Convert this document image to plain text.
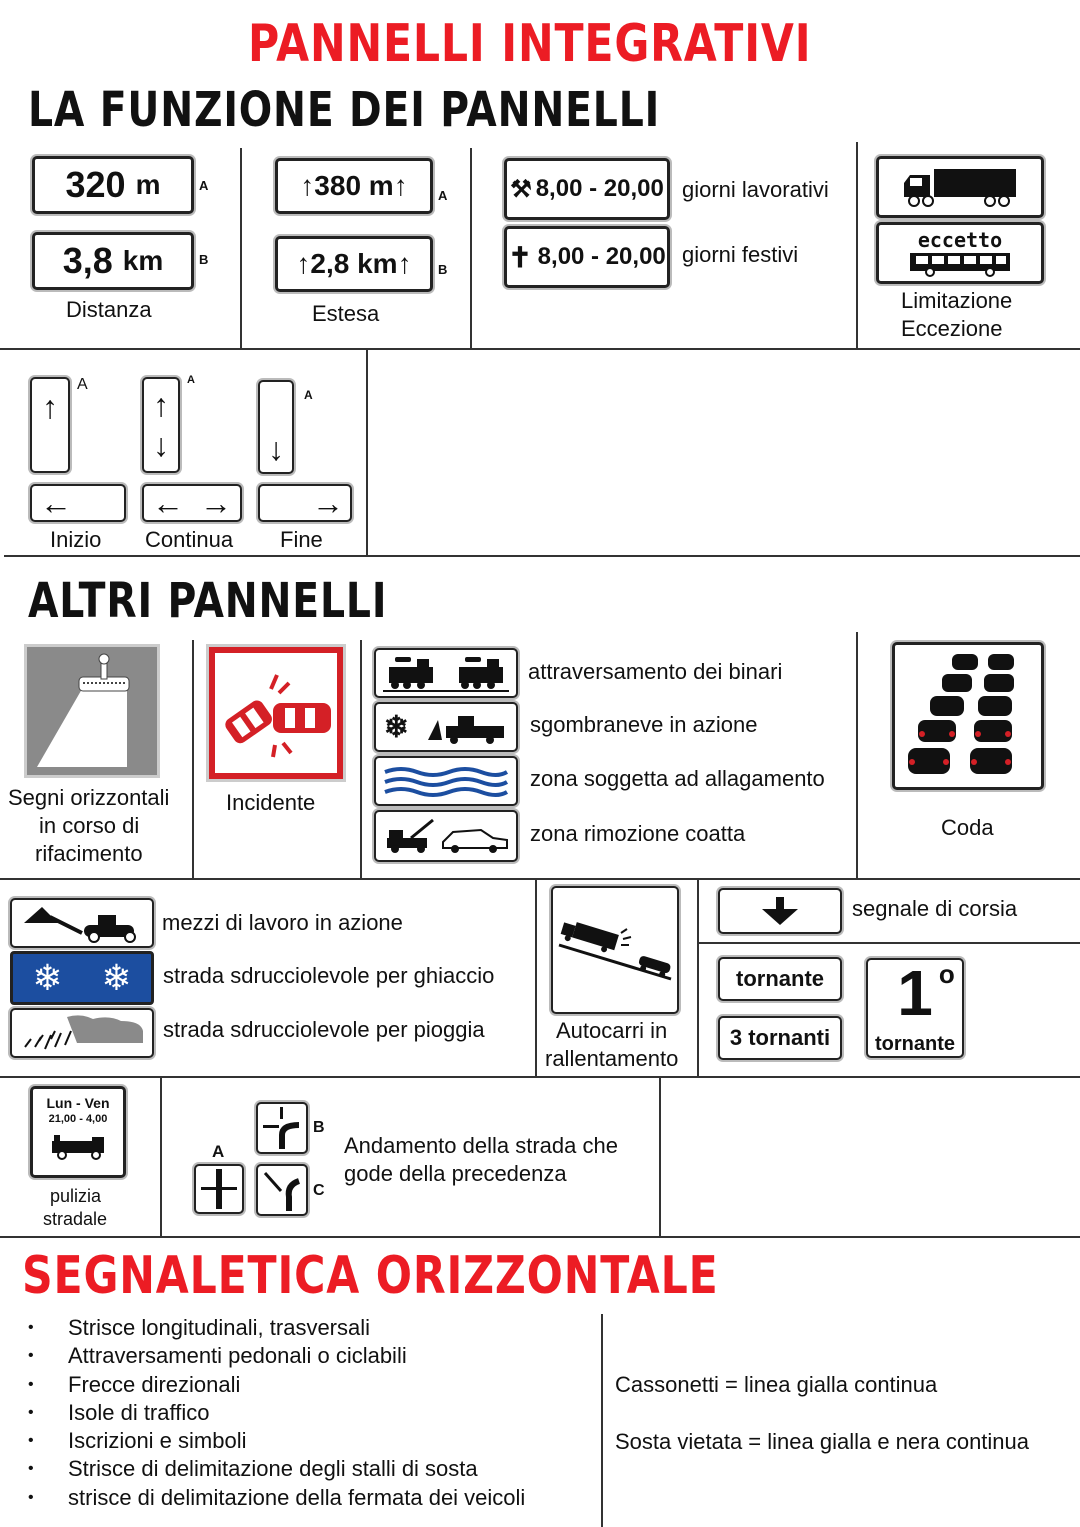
PANNELLI INTEGRATIVI
LA FUNZIONE DEI PANNELLI
320
m	A
3,8
km	B
Distanza
↑ 380 m ↑ A
↑ 2,8 km ↑ B
Estesa
⚒ 8,00 - 20,00 giorni lavorativi
✝ 8,00 - 20,00 giorni festivi
eccetto
Limitazione
Eccezione
↑
A
↑
↓
A
↓
A
←	← →	→
Inizio Continua Fine
ALTRI PANNELLI
Segni orizzontali
in corso di
rifacimento
Incidente
attraversamento dei binari
❄	sgombraneve in azione
zona soggetta ad allagamento
zona rimozione coatta	Coda
mezzi di lavoro in azione
❄ ❄ strada sdrucciolevole per ghiaccio
strada sdrucciolevole per pioggia	Autocarri in
rallentamento
segnale di corsia
tornante
3 tornanti
1 o
tornante
Lun - Ven
21,00 - 4,00
pulizia
stradale
A
B
C
Andamento della strada che
gode della precedenza
SEGNALETICA ORIZZONTALE
• Strisce longitudinali, trasversali
• Attraversamenti pedonali o ciclabili
• Frecce direzionali
• Isole di traffico
• Iscrizioni e simboli
• Strisce di delimitazione degli stalli di sosta
• strisce di delimitazione della fermata dei veicoli
Cassonetti = linea gialla continua
Sosta vietata = linea gialla e nera continua
